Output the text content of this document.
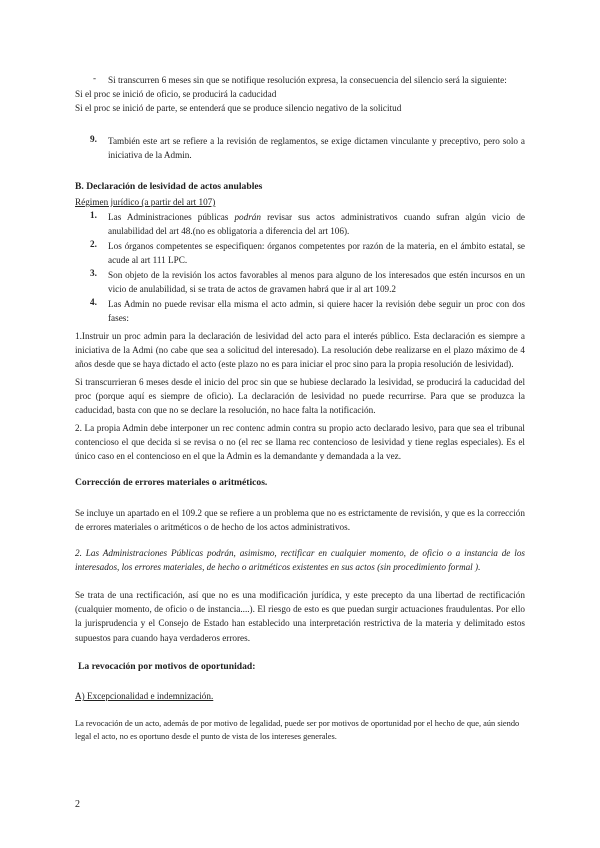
- Si transcurren 6 meses sin que se notifique resolución expresa, la consecuencia del silencio será la siguiente:

Si el proc se inició de oficio, se producirá la caducidad

Si el proc se inició de parte, se entenderá que se produce silencio negativo de la solicitud

9. También este art se refiere a la revisión de reglamentos, se exige dictamen vinculante y preceptivo, pero solo a iniciativa de la Admin.

B. Declaración de lesividad de actos anulables

Régimen jurídico (a partir del art 107)

1. Las Administraciones públicas podrán revisar sus actos administrativos cuando sufran algún vicio de anulabilidad del art 48.(no es obligatoria a diferencia del art 106).

2. Los órganos competentes se especifiquen: órganos competentes por razón de la materia, en el ámbito estatal, se acude al art 111 LPC.

3. Son objeto de la revisión los actos favorables al menos para alguno de los interesados que estén incursos en un vicio de anulabilidad, si se trata de actos de gravamen habrá que ir al art 109.2

4. Las Admin no puede revisar ella misma el acto admin, si quiere hacer la revisión debe seguir un proc con dos fases:

1.Instruir un proc admin para la declaración de lesividad del acto para el interés público. Esta declaración es siempre a iniciativa de la Admi (no cabe que sea a solicitud del interesado). La resolución debe realizarse en el plazo máximo de 4 años desde que se haya dictado el acto (este plazo no es para iniciar el proc sino para la propia resolución de lesividad).

Si transcurrieran 6 meses desde el inicio del proc sin que se hubiese declarado la lesividad, se producirá la caducidad del proc (porque aquí es siempre de oficio). La declaración de lesividad no puede recurrirse. Para que se produzca la caducidad, basta con que no se declare la resolución, no hace falta la notificación.

2. La propia Admin debe interponer un rec contenc admin contra su propio acto declarado lesivo, para que sea el tribunal contencioso el que decida si se revisa o no (el rec se llama rec contencioso de lesividad y tiene reglas especiales). Es el único caso en el contencioso en el que la Admin es la demandante y demandada a la vez.

Corrección de errores materiales o aritméticos.

Se incluye un apartado en el 109.2 que se refiere a un problema que no es estrictamente de revisión, y que es la corrección de errores materiales o aritméticos o de hecho de los actos administrativos.

2. Las Administraciones Públicas podrán, asimismo, rectificar en cualquier momento, de oficio o a instancia de los interesados, los errores materiales, de hecho o aritméticos existentes en sus actos (sin procedimiento formal ).

Se trata de una rectificación, así que no es una modificación jurídica, y este precepto da una libertad de rectificación (cualquier momento, de oficio o de instancia....). El riesgo de esto es que puedan surgir actuaciones fraudulentas. Por ello la jurisprudencia y el Consejo de Estado han establecido una interpretación restrictiva de la materia y delimitado estos supuestos para cuando haya verdaderos errores.

La revocación por motivos de oportunidad:

A) Excepcionalidad e indemnización.

La revocación de un acto, además de por motivo de legalidad, puede ser por motivos de oportunidad por el hecho de que, aún siendo legal el acto, no es oportuno desde el punto de vista de los intereses generales.

2
